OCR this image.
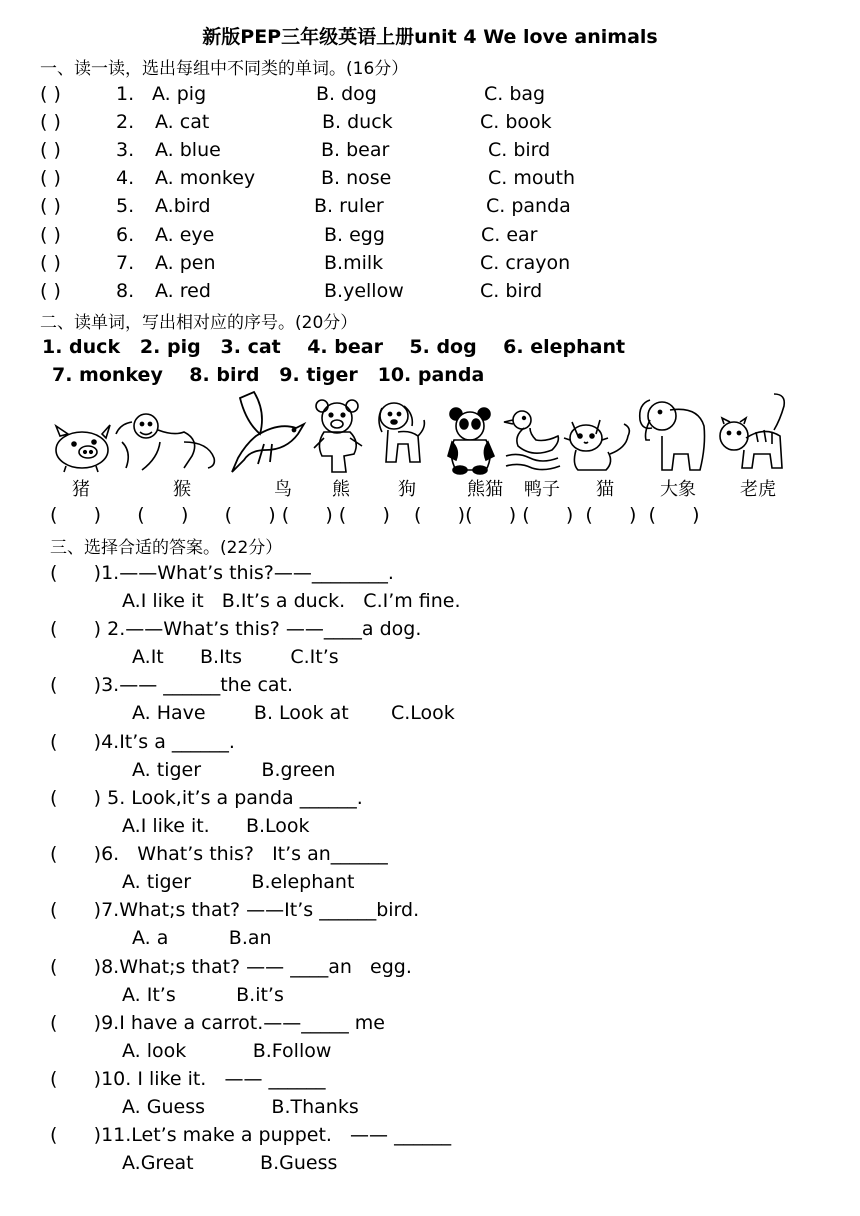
新版PEP三年级英语上册unit 4 We love animals
一、读一读，选出每组中不同类的单词。(16分）
( )	1. A. pig	B. dog	C. bag
( )	2. A. cat	B. duck	C. book
( )	3. A. blue	B. bear	C. bird
( )	4. A. monkey	B. nose	C. mouth
( )	5. A.bird	B. ruler	C. panda
( )	6. A. eye	B. egg	C. ear
( )	7. A. pen	B.milk	C. crayon
( )	8. A. red	B.yellow	C. bird
二、读单词，写出相对应的序号。(20分）
1. duck   2. pig   3. cat    4. bear    5. dog    6. elephant
7. monkey    8. bird   9. tiger   10. panda
猪	猴	鸟 熊	狗	熊猫 鸭子 猫	大象 老虎
(      )      (      )      (      ) (      ) (      )    (      )(      ) (      )  (      )  (      )
三、选择合适的答案。(22分）
(      )1.——What’s this?——________.
A.I like it   B.It’s a duck.   C.I’m fine.
(      ) 2.——What’s this? ——____a dog.
A.It      B.Its        C.It’s
(      )3.—— ______the cat.
A. Have        B. Look at       C.Look
(      )4.It’s a ______.
A. tiger          B.green
(      ) 5. Look,it’s a panda ______.
A.I like it.      B.Look
(      )6.   What’s this?   It’s an______
A. tiger          B.elephant
(      )7.What;s that? ——It’s ______bird.
A. a          B.an
(      )8.What;s that? —— ____an   egg.
A. It’s          B.it’s
(      )9.I have a carrot.——_____ me
A. look           B.Follow
(      )10. I like it.   —— ______
A. Guess           B.Thanks
(      )11.Let’s make a puppet.   —— ______
A.Great           B.Guess
